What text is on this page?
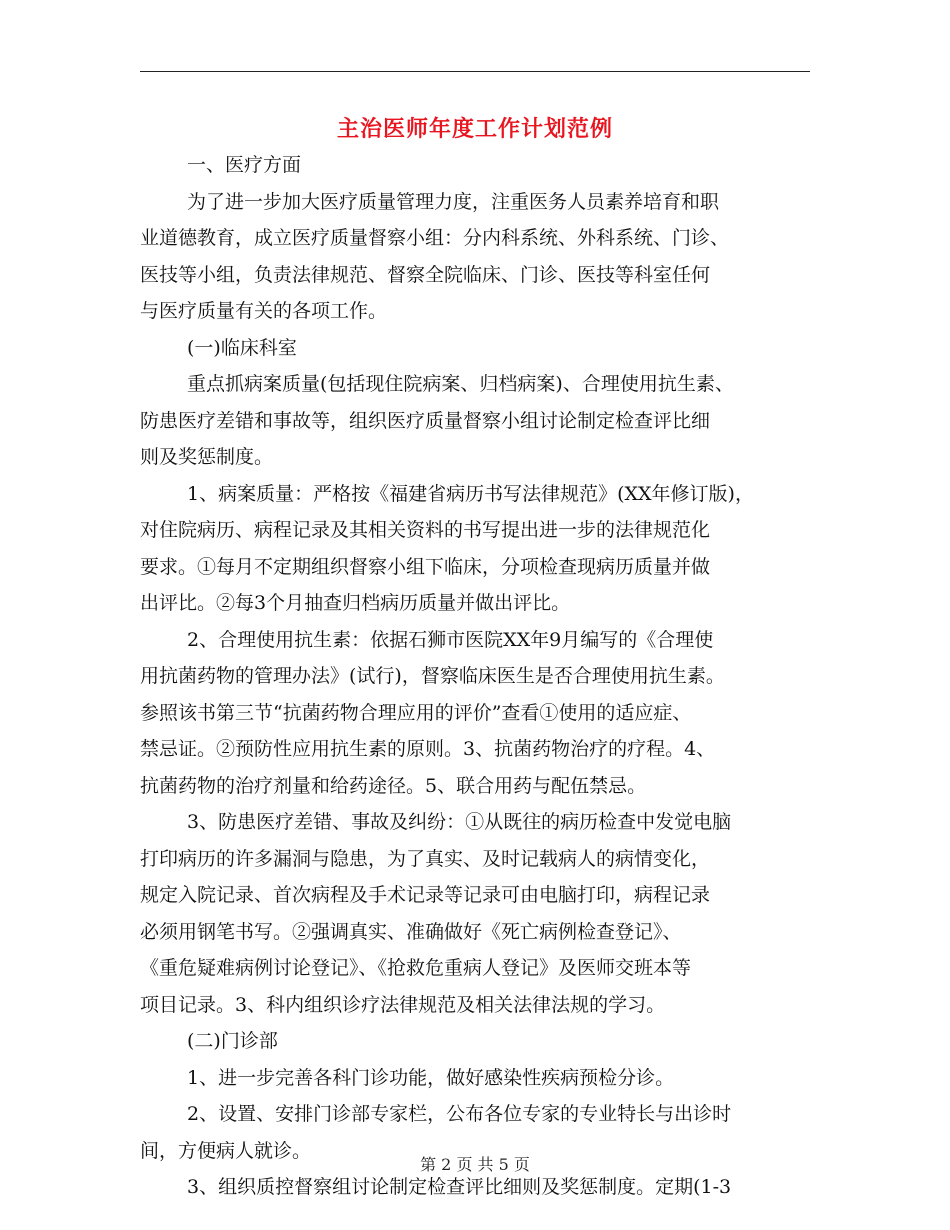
主治医师年度工作计划范例
一、医疗方面
为了进一步加大医疗质量管理力度，注重医务人员素养培育和职
业道德教育，成立医疗质量督察小组：分内科系统、外科系统、门诊、
医技等小组，负责法律规范、督察全院临床、门诊、医技等科室任何
与医疗质量有关的各项工作。
(一)临床科室
重点抓病案质量(包括现住院病案、归档病案)、合理使用抗生素、
防患医疗差错和事故等，组织医疗质量督察小组讨论制定检查评比细
则及奖惩制度。
1、病案质量：严格按《福建省病历书写法律规范》(XX年修订版)，
对住院病历、病程记录及其相关资料的书写提出进一步的法律规范化
要求。①每月不定期组织督察小组下临床，分项检查现病历质量并做
出评比。②每3个月抽查归档病历质量并做出评比。
2、合理使用抗生素：依据石狮市医院XX年9月编写的《合理使
用抗菌药物的管理办法》(试行)，督察临床医生是否合理使用抗生素。
参照该书第三节“抗菌药物合理应用的评价”查看①使用的适应症、
禁忌证。②预防性应用抗生素的原则。3、抗菌药物治疗的疗程。4、
抗菌药物的治疗剂量和给药途径。5、联合用药与配伍禁忌。
3、防患医疗差错、事故及纠纷：①从既往的病历检查中发觉电脑
打印病历的许多漏洞与隐患，为了真实、及时记载病人的病情变化，
规定入院记录、首次病程及手术记录等记录可由电脑打印，病程记录
必须用钢笔书写。②强调真实、准确做好《死亡病例检查登记》、
《重危疑难病例讨论登记》、《抢救危重病人登记》及医师交班本等
项目记录。3、科内组织诊疗法律规范及相关法律法规的学习。
(二)门诊部
1、进一步完善各科门诊功能，做好感染性疾病预检分诊。
2、设置、安排门诊部专家栏，公布各位专家的专业特长与出诊时
间，方便病人就诊。
3、组织质控督察组讨论制定检查评比细则及奖惩制度。定期(1-3
第 2 页 共 5 页
